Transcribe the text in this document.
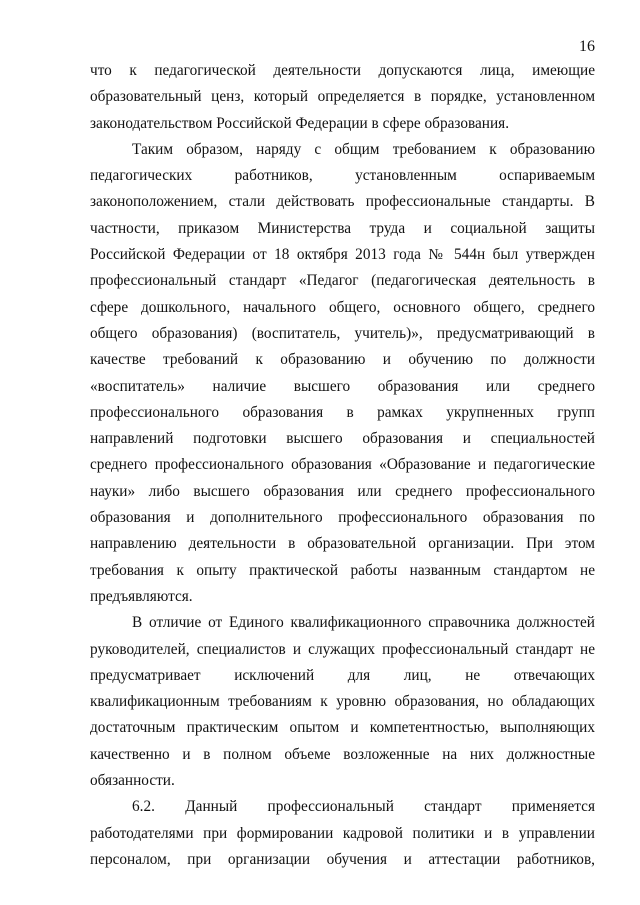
16
что к педагогической деятельности допускаются лица, имеющие
образовательный ценз, который определяется в порядке, установленном
законодательством Российской Федерации в сфере образования.
Таким образом, наряду с общим требованием к образованию
педагогических работников, установленным оспариваемым
законоположением, стали действовать профессиональные стандарты. В
частности, приказом Министерства труда и социальной защиты
Российской Федерации от 18 октября 2013 года № 544н был утвержден
профессиональный стандарт «Педагог (педагогическая деятельность в
сфере дошкольного, начального общего, основного общего, среднего
общего образования) (воспитатель, учитель)», предусматривающий в
качестве требований к образованию и обучению по должности
«воспитатель» наличие высшего образования или среднего
профессионального образования в рамках укрупненных групп
направлений подготовки высшего образования и специальностей
среднего профессионального образования «Образование и педагогические
науки» либо высшего образования или среднего профессионального
образования и дополнительного профессионального образования по
направлению деятельности в образовательной организации. При этом
требования к опыту практической работы названным стандартом не
предъявляются.
В отличие от Единого квалификационного справочника должностей
руководителей, специалистов и служащих профессиональный стандарт не
предусматривает исключений для лиц, не отвечающих
квалификационным требованиям к уровню образования, но обладающих
достаточным практическим опытом и компетентностью, выполняющих
качественно и в полном объеме возложенные на них должностные
обязанности.
6.2. Данный профессиональный стандарт применяется
работодателями при формировании кадровой политики и в управлении
персоналом, при организации обучения и аттестации работников,
